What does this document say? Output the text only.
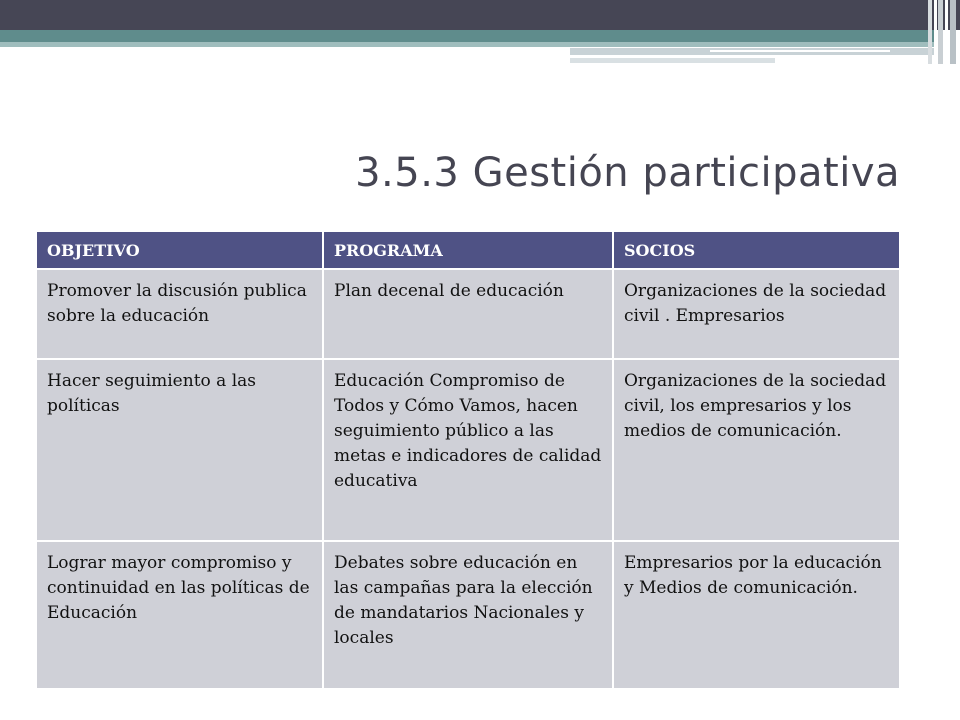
3.5.3 Gestión participativa
OBJETIVO	PROGRAMA	SOCIOS
Promover la discusión publica sobre la educación	Plan decenal de educación	Organizaciones de la sociedad civil . Empresarios
Hacer seguimiento a las políticas	Educación Compromiso de Todos y Cómo Vamos, hacen seguimiento público a las metas e indicadores de calidad educativa	Organizaciones de la sociedad civil, los empresarios y los medios de comunicación.
Lograr mayor compromiso y continuidad en las políticas de Educación	Debates sobre educación en las campañas para la elección de mandatarios Nacionales y locales	Empresarios por la educación y Medios de comunicación.
